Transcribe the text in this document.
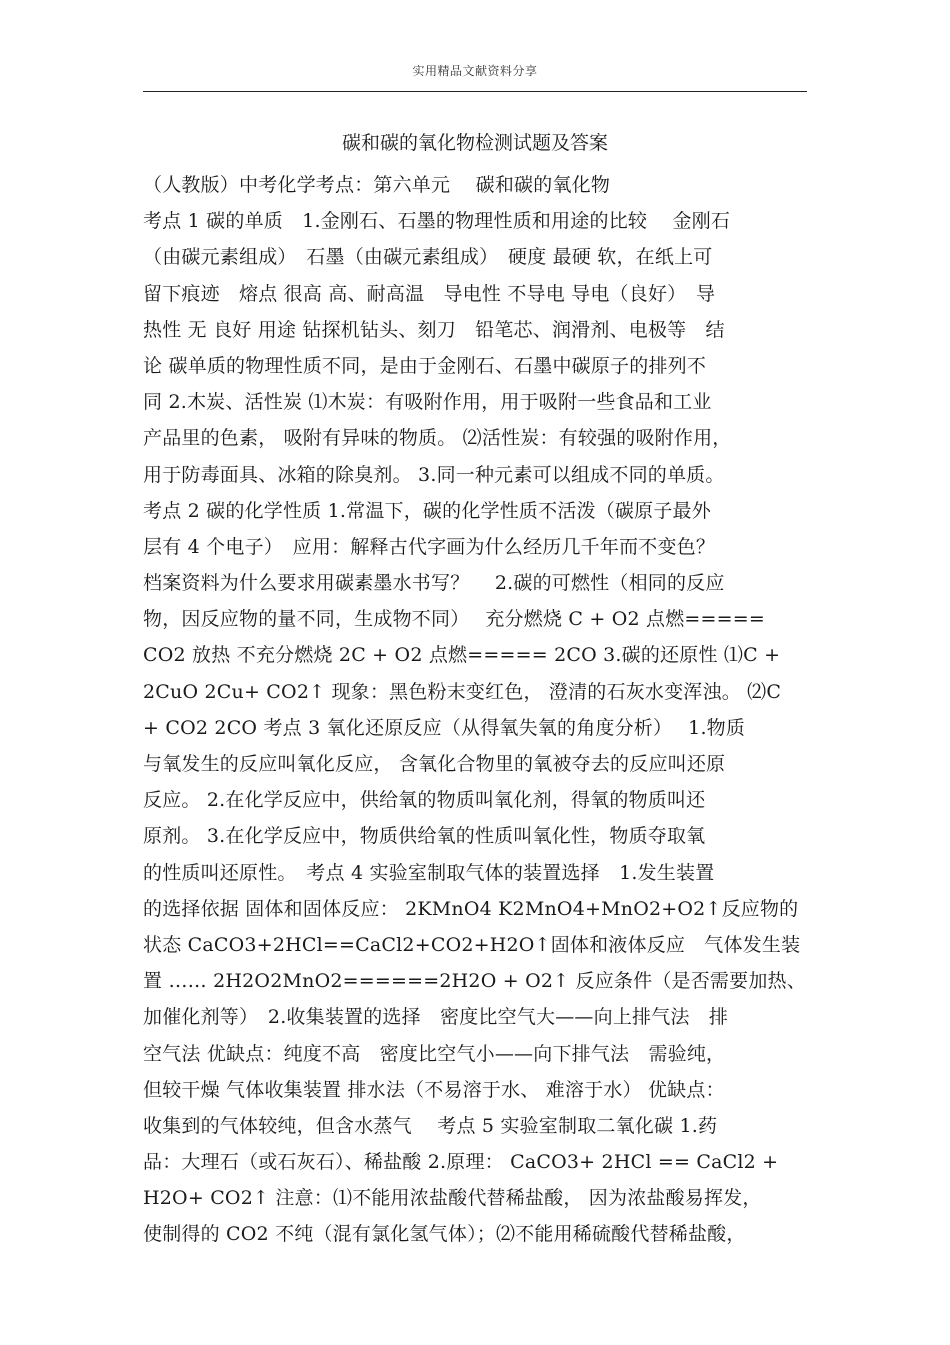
实用精品文献资料分享
碳和碳的氧化物检测试题及答案
（人教版）中考化学考点：第六单元　 碳和碳的氧化物
考点 1 碳的单质　1.金刚石、石墨的物理性质和用途的比较　 金刚石
（由碳元素组成）　石墨（由碳元素组成）　硬度 最硬 软，在纸上可
留下痕迹　熔点 很高 高、耐高温　导电性 不导电 导电（良好）　导
热性 无 良好 用途 钻探机钻头、刻刀　铅笔芯、润滑剂、电极等　结
论 碳单质的物理性质不同，是由于金刚石、石墨中碳原子的排列不
同 2.木炭、活性炭 ⑴木炭：有吸附作用，用于吸附一些食品和工业
产品里的色素， 吸附有异味的物质。 ⑵活性炭：有较强的吸附作用，
用于防毒面具、冰箱的除臭剂。 3.同一种元素可以组成不同的单质。
考点 2 碳的化学性质 1.常温下，碳的化学性质不活泼（碳原子最外
层有 4 个电子）　应用：解释古代字画为什么经历几千年而不变色？
档案资料为什么要求用碳素墨水书写？　 2.碳的可燃性（相同的反应
物，因反应物的量不同，生成物不同）　 充分燃烧 C + O2 点燃=====
CO2 放热 不充分燃烧 2C + O2 点燃===== 2CO 3.碳的还原性 ⑴C +
2CuO 2Cu+ CO2↑ 现象：黑色粉末变红色， 澄清的石灰水变浑浊。 ⑵C
+ CO2 2CO 考点 3 氧化还原反应（从得氧失氧的角度分析）　 1.物质
与氧发生的反应叫氧化反应， 含氧化合物里的氧被夺去的反应叫还原
反应。 2.在化学反应中，供给氧的物质叫氧化剂，得氧的物质叫还
原剂。 3.在化学反应中，物质供给氧的性质叫氧化性，物质夺取氧
的性质叫还原性。　考点 4 实验室制取气体的装置选择　1.发生装置
的选择依据 固体和固体反应： 2KMnO4 K2MnO4+MnO2+O2↑反应物的
状态 CaCO3+2HCl==CaCl2+CO2+H2O↑固体和液体反应　气体发生装
置 …… 2H2O2MnO2======2H2O + O2↑ 反应条件（是否需要加热、
加催化剂等）　2.收集装置的选择　密度比空气大——向上排气法　排
空气法 优缺点：纯度不高　密度比空气小——向下排气法　需验纯，
但较干燥 气体收集装置 排水法（不易溶于水、 难溶于水） 优缺点：
收集到的气体较纯，但含水蒸气　 考点 5 实验室制取二氧化碳 1.药
品：大理石（或石灰石）、稀盐酸 2.原理： CaCO3+ 2HCl == CaCl2 +
H2O+ CO2↑ 注意：⑴不能用浓盐酸代替稀盐酸， 因为浓盐酸易挥发，
使制得的 CO2 不纯（混有氯化氢气体）；⑵不能用稀硫酸代替稀盐酸，
